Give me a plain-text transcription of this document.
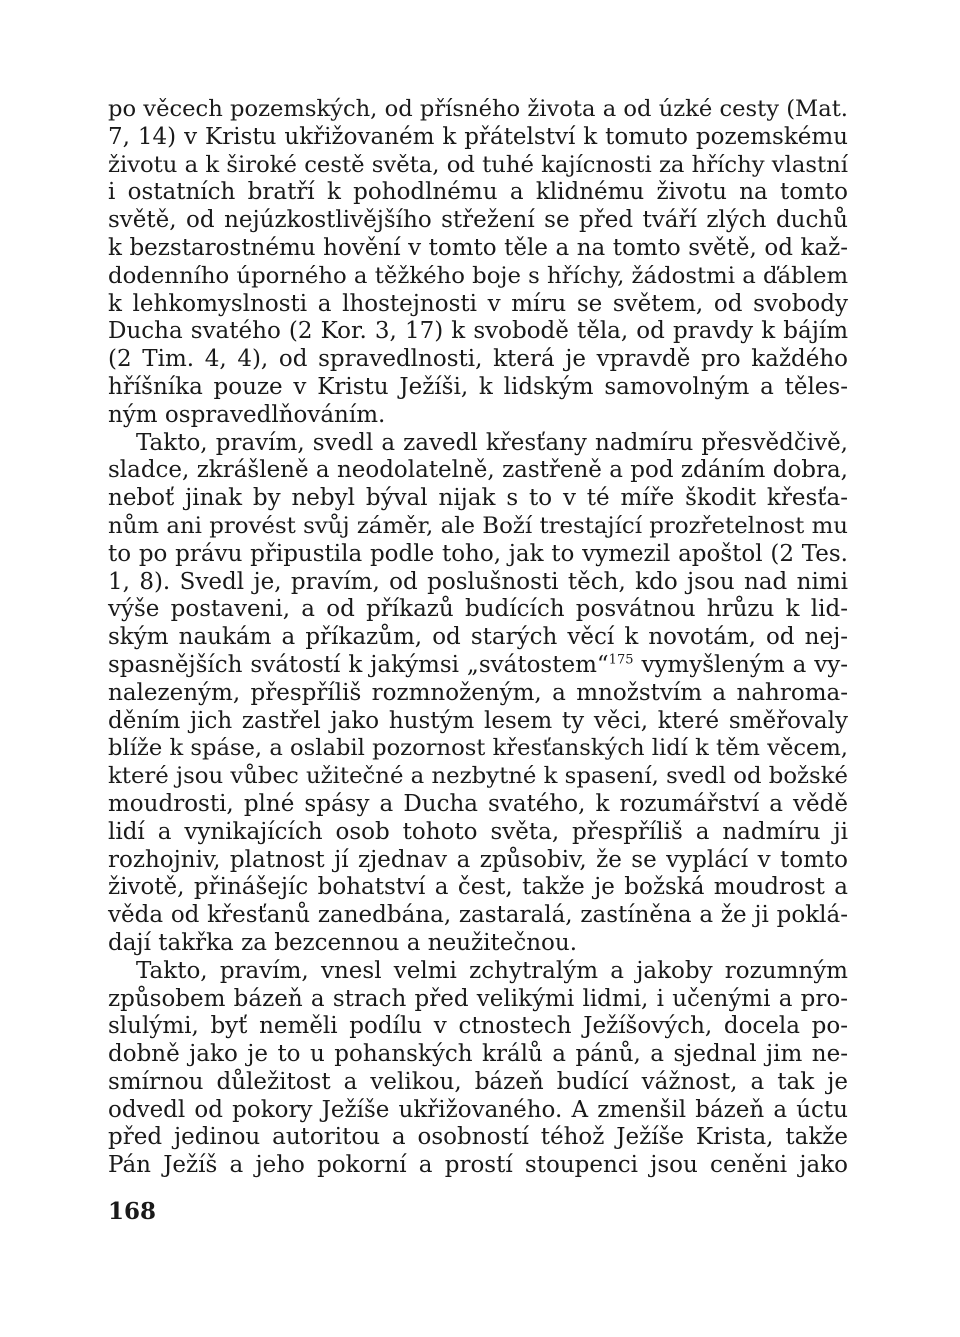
po věcech pozemských, od přísného života a od úzké cesty (Mat.
7, 14) v Kristu ukřižovaném k přátelství k tomuto pozemskému
životu a k široké cestě světa, od tuhé kajícnosti za hříchy vlastní
i ostatních bratří k pohodlnému a klidnému životu na tomto
světě, od nejúzkostlivějšího střežení se před tváří zlých duchů
k bezstarostnému hovění v tomto těle a na tomto světě, od kaž-
dodenního úporného a těžkého boje s hříchy, žádostmi a ďáblem
k lehkomyslnosti a lhostejnosti v míru se světem, od svobody
Ducha svatého (2 Kor. 3, 17) k svobodě těla, od pravdy k bájím
(2 Tim. 4, 4), od spravedlnosti, která je vpravdě pro každého
hříšníka pouze v Kristu Ježíši, k lidským samovolným a těles-
ným ospravedlňováním.
Takto, pravím, svedl a zavedl křesťany nadmíru přesvědčivě,
sladce, zkrášleně a neodolatelně, zastřeně a pod zdáním dobra,
neboť jinak by nebyl býval nijak s to v té míře škodit křesťa-
nům ani provést svůj záměr, ale Boží trestající prozřetelnost mu
to po právu připustila podle toho, jak to vymezil apoštol (2 Tes.
1, 8). Svedl je, pravím, od poslušnosti těch, kdo jsou nad nimi
výše postaveni, a od příkazů budících posvátnou hrůzu k lid-
ským naukám a příkazům, od starých věcí k novotám, od nej-
spasnějších svátostí k jakýmsi „svátostem“$^{175}$ vymyšleným a vy-
nalezeným, přespříliš rozmnoženým, a množstvím a nahroma-
děním jich zastřel jako hustým lesem ty věci, které směřovaly
blíže k spáse, a oslabil pozornost křesťanských lidí k těm věcem,
které jsou vůbec užitečné a nezbytné k spasení, svedl od božské
moudrosti, plné spásy a Ducha svatého, k rozumářství a vědě
lidí a vynikajících osob tohoto světa, přespříliš a nadmíru ji
rozhojniv, platnost jí zjednav a způsobiv, že se vyplácí v tomto
životě, přinášejíc bohatství a čest, takže je božská moudrost a
věda od křesťanů zanedbána, zastaralá, zastíněna a že ji poklá-
dají takřka za bezcennou a neužitečnou.
Takto, pravím, vnesl velmi zchytralým a jakoby rozumným
způsobem bázeň a strach před velikými lidmi, i učenými a pro-
slulými, byť neměli podílu v ctnostech Ježíšových, docela po-
dobně jako je to u pohanských králů a pánů, a sjednal jim ne-
smírnou důležitost a velikou, bázeň budící vážnost, a tak je
odvedl od pokory Ježíše ukřižovaného. A zmenšil bázeň a úctu
před jedinou autoritou a osobností téhož Ježíše Krista, takže
Pán Ježíš a jeho pokorní a prostí stoupenci jsou ceněni jako
168
